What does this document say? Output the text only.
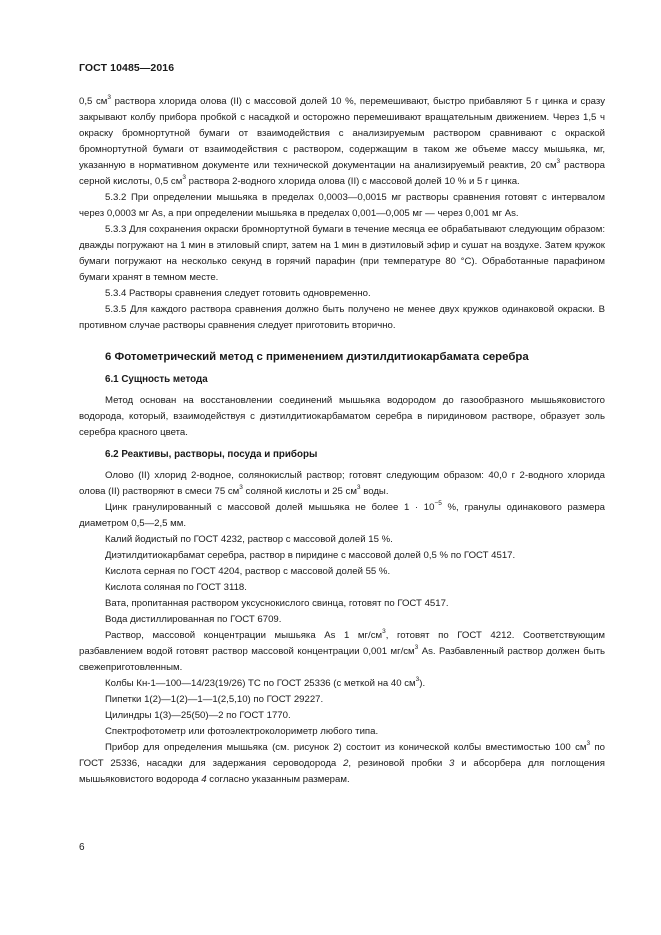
ГОСТ 10485—2016

0,5 $см^3$ раствора хлорида олова (II) с массовой долей 10 %, перемешивают, быстро прибавляют 5 г цинка и сразу закрывают колбу прибора пробкой с насадкой и осторожно перемешивают вращательным движением. Через 1,5 ч окраску бромнортутной бумаги от взаимодействия с анализируемым раствором сравнивают с окраской бромнортутной бумаги от взаимодействия с раствором, содержащим в таком же объеме массу мышьяка, мг, указанную в нормативном документе или технической документации на анализируемый реактив, 20 $см^3$ раствора серной кислоты, 0,5 $см^3$ раствора 2-водного хлорида олова (II) с массовой долей 10 % и 5 г цинка.

5.3.2 При определении мышьяка в пределах 0,0003—0,0015 мг растворы сравнения готовят с интервалом через 0,0003 мг As, а при определении мышьяка в пределах 0,001—0,005 мг — через 0,001 мг As.

5.3.3 Для сохранения окраски бромнортутной бумаги в течение месяца ее обрабатывают следующим образом: дважды погружают на 1 мин в этиловый спирт, затем на 1 мин в диэтиловый эфир и сушат на воздухе. Затем кружок бумаги погружают на несколько секунд в горячий парафин (при температуре 80 °С). Обработанные парафином бумаги хранят в темном месте.

5.3.4 Растворы сравнения следует готовить одновременно.

5.3.5 Для каждого раствора сравнения должно быть получено не менее двух кружков одинаковой окраски. В противном случае растворы сравнения следует приготовить вторично.

6 Фотометрический метод с применением диэтилдитиокарбамата серебра
6.1 Сущность метода

Метод основан на восстановлении соединений мышьяка водородом до газообразного мышьяковистого водорода, который, взаимодействуя с диэтилдитиокарбаматом серебра в пиридиновом растворе, образует золь серебра красного цвета.

6.2 Реактивы, растворы, посуда и приборы

Олово (II) хлорид 2-водное, солянокислый раствор; готовят следующим образом: 40,0 г 2-водного хлорида олова (II) растворяют в смеси 75 $см^3$ соляной кислоты и 25 $см^3$ воды.

Цинк гранулированный с массовой долей мышьяка не более $1 \cdot 10^{-5}$ %, гранулы одинакового размера диаметром 0,5—2,5 мм.

Калий йодистый по ГОСТ 4232, раствор с массовой долей 15 %.

Диэтилдитиокарбамат серебра, раствор в пиридине с массовой долей 0,5 % по ГОСТ 4517.

Кислота серная по ГОСТ 4204, раствор с массовой долей 55 %.

Кислота соляная по ГОСТ 3118.

Вата, пропитанная раствором уксуснокислого свинца, готовят по ГОСТ 4517.

Вода дистиллированная по ГОСТ 6709.

Раствор, массовой концентрации мышьяка As 1 $мг/см^3$, готовят по ГОСТ 4212. Соответствующим разбавлением водой готовят раствор массовой концентрации 0,001 $мг/см^3$ As. Разбавленный раствор должен быть свежеприготовленным.

Колбы Кн-1—100—14/23(19/26) ТС по ГОСТ 25336 (с меткой на 40 $см^3$).

Пипетки 1(2)—1(2)—1—1(2,5,10) по ГОСТ 29227.

Цилиндры 1(3)—25(50)—2 по ГОСТ 1770.

Спектрофотометр или фотоэлектроколориметр любого типа.

Прибор для определения мышьяка (см. рисунок 2) состоит из конической колбы вместимостью 100 $см^3$ по ГОСТ 25336, насадки для задержания сероводорода 2, резиновой пробки 3 и абсорбера для поглощения мышьяковистого водорода 4 согласно указанным размерам.

6
